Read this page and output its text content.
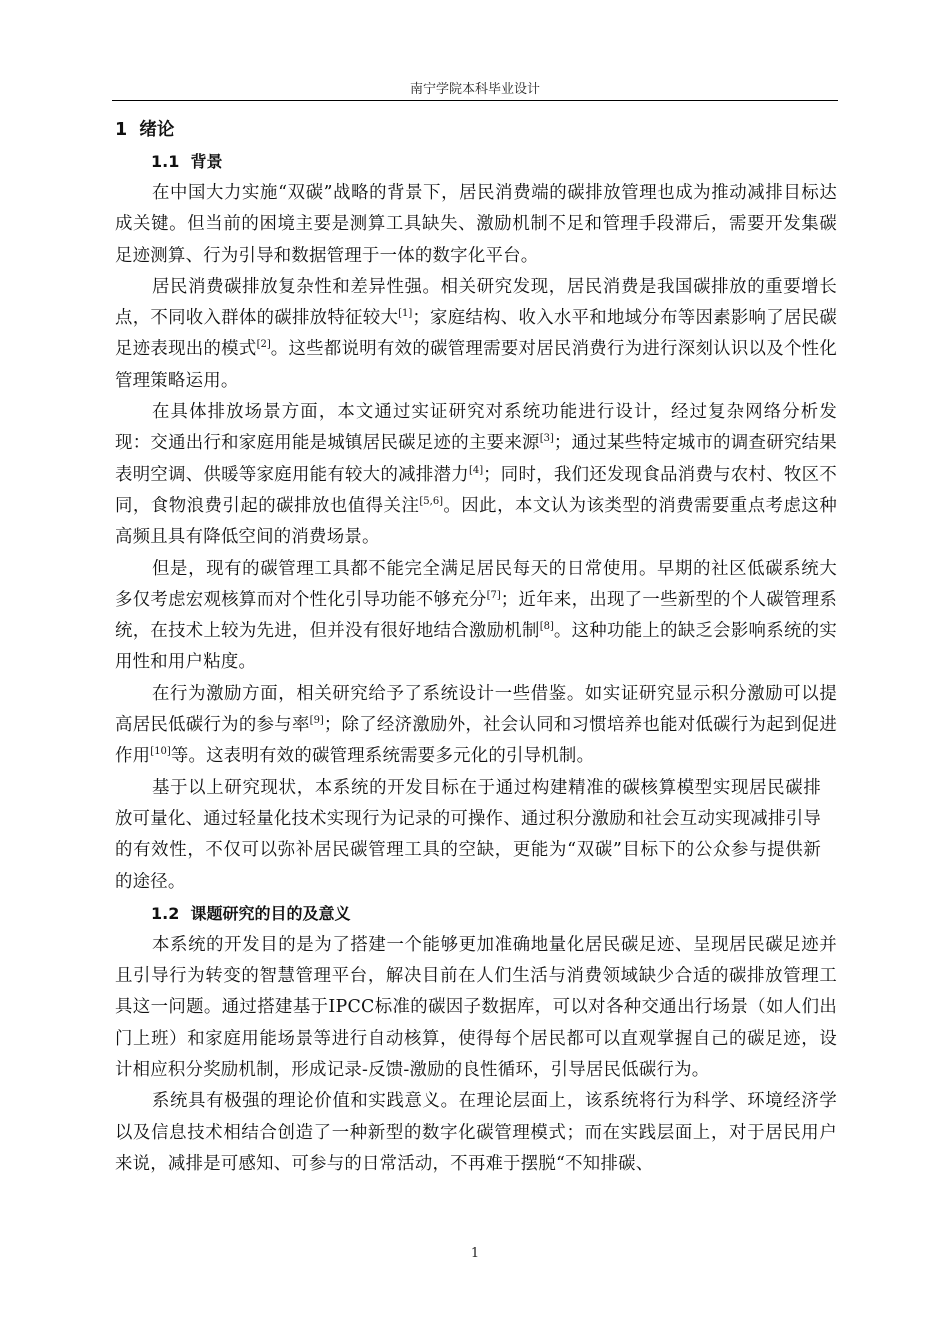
南宁学院本科毕业设计

1 绪论

1.1 背景

在中国大力实施“双碳”战略的背景下，居民消费端的碳排放管理也成为推动减排目标达成关键。但当前的困境主要是测算工具缺失、激励机制不足和管理手段滞后，需要开发集碳足迹测算、行为引导和数据管理于一体的数字化平台。

居民消费碳排放复杂性和差异性强。相关研究发现，居民消费是我国碳排放的重要增长点，不同收入群体的碳排放特征较大[1]；家庭结构、收入水平和地域分布等因素影响了居民碳足迹表现出的模式[2]。这些都说明有效的碳管理需要对居民消费行为进行深刻认识以及个性化管理策略运用。

在具体排放场景方面，本文通过实证研究对系统功能进行设计，经过复杂网络分析发现：交通出行和家庭用能是城镇居民碳足迹的主要来源[3]；通过某些特定城市的调查研究结果表明空调、供暖等家庭用能有较大的减排潜力[4]；同时，我们还发现食品消费与农村、牧区不同，食物浪费引起的碳排放也值得关注[5,6]。因此，本文认为该类型的消费需要重点考虑这种高频且具有降低空间的消费场景。

但是，现有的碳管理工具都不能完全满足居民每天的日常使用。早期的社区低碳系统大多仅考虑宏观核算而对个性化引导功能不够充分[7]；近年来，出现了一些新型的个人碳管理系统，在技术上较为先进，但并没有很好地结合激励机制[8]。这种功能上的缺乏会影响系统的实用性和用户粘度。

在行为激励方面，相关研究给予了系统设计一些借鉴。如实证研究显示积分激励可以提高居民低碳行为的参与率[9]；除了经济激励外，社会认同和习惯培养也能对低碳行为起到促进作用[10]等。这表明有效的碳管理系统需要多元化的引导机制。

基于以上研究现状，本系统的开发目标在于通过构建精准的碳核算模型实现居民碳排放可量化、通过轻量化技术实现行为记录的可操作、通过积分激励和社会互动实现减排引导的有效性，不仅可以弥补居民碳管理工具的空缺，更能为“双碳”目标下的公众参与提供新的途径。

1.2 课题研究的目的及意义

本系统的开发目的是为了搭建一个能够更加准确地量化居民碳足迹、呈现居民碳足迹并且引导行为转变的智慧管理平台，解决目前在人们生活与消费领域缺少合适的碳排放管理工具这一问题。通过搭建基于IPCC标准的碳因子数据库，可以对各种交通出行场景（如人们出门上班）和家庭用能场景等进行自动核算，使得每个居民都可以直观掌握自己的碳足迹，设计相应积分奖励机制，形成记录-反馈-激励的良性循环，引导居民低碳行为。

系统具有极强的理论价值和实践意义。在理论层面上，该系统将行为科学、环境经济学以及信息技术相结合创造了一种新型的数字化碳管理模式；而在实践层面上，对于居民用户来说，减排是可感知、可参与的日常活动，不再难于摆脱“不知排碳、

1
